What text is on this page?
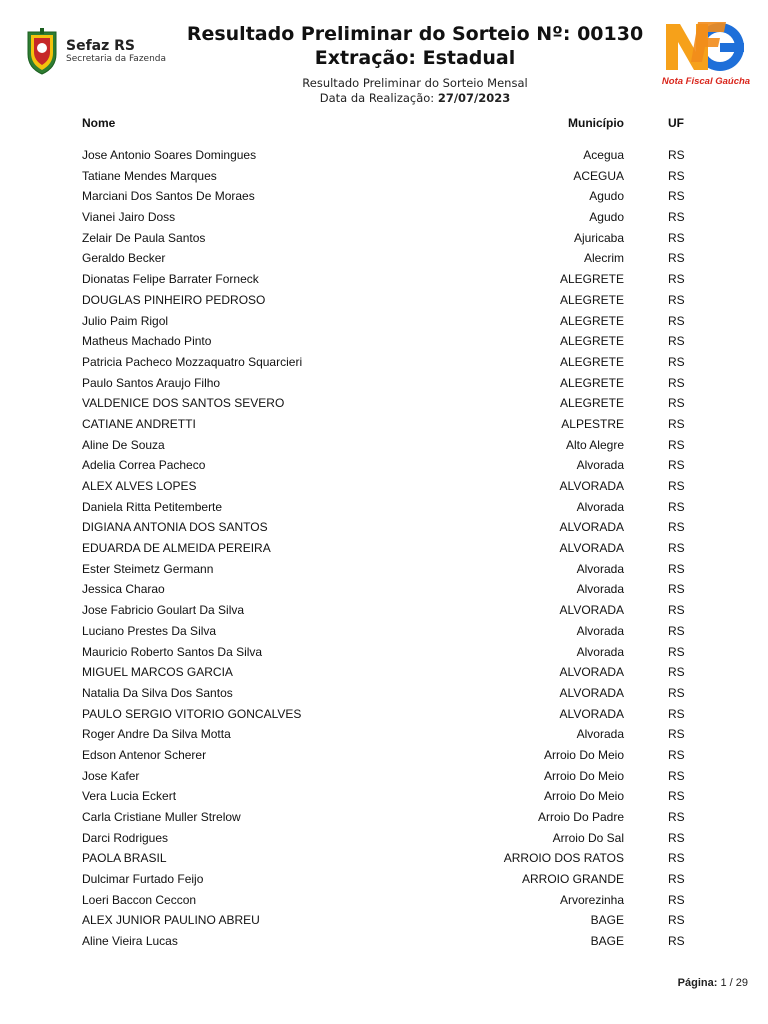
Sefaz RS
Secretaria da Fazenda
Resultado Preliminar do Sorteio Nº: 00130
Extração: Estadual
Resultado Preliminar do Sorteio Mensal
Data da Realização: 27/07/2023
Nota Fiscal Gaúcha
Nome	Município	UF
Jose Antonio Soares Domingues	Acegua	RS
Tatiane Mendes Marques	ACEGUA	RS
Marciani Dos Santos De Moraes	Agudo	RS
Vianei Jairo Doss	Agudo	RS
Zelair De Paula Santos	Ajuricaba	RS
Geraldo Becker	Alecrim	RS
Dionatas Felipe Barrater Forneck	ALEGRETE	RS
DOUGLAS PINHEIRO PEDROSO	ALEGRETE	RS
Julio Paim Rigol	ALEGRETE	RS
Matheus Machado Pinto	ALEGRETE	RS
Patricia Pacheco Mozzaquatro Squarcieri	ALEGRETE	RS
Paulo Santos Araujo Filho	ALEGRETE	RS
VALDENICE DOS SANTOS SEVERO	ALEGRETE	RS
CATIANE ANDRETTI	ALPESTRE	RS
Aline De Souza	Alto Alegre	RS
Adelia Correa Pacheco	Alvorada	RS
ALEX ALVES LOPES	ALVORADA	RS
Daniela Ritta Petitemberte	Alvorada	RS
DIGIANA ANTONIA DOS SANTOS	ALVORADA	RS
EDUARDA DE ALMEIDA PEREIRA	ALVORADA	RS
Ester Steimetz Germann	Alvorada	RS
Jessica Charao	Alvorada	RS
Jose Fabricio Goulart Da Silva	ALVORADA	RS
Luciano Prestes Da Silva	Alvorada	RS
Mauricio Roberto Santos Da Silva	Alvorada	RS
MIGUEL MARCOS GARCIA	ALVORADA	RS
Natalia Da Silva Dos Santos	ALVORADA	RS
PAULO SERGIO VITORIO GONCALVES	ALVORADA	RS
Roger Andre Da Silva Motta	Alvorada	RS
Edson Antenor Scherer	Arroio Do Meio	RS
Jose Kafer	Arroio Do Meio	RS
Vera Lucia Eckert	Arroio Do Meio	RS
Carla Cristiane Muller Strelow	Arroio Do Padre	RS
Darci Rodrigues	Arroio Do Sal	RS
PAOLA BRASIL	ARROIO DOS RATOS	RS
Dulcimar Furtado Feijo	ARROIO GRANDE	RS
Loeri Baccon Ceccon	Arvorezinha	RS
ALEX JUNIOR PAULINO ABREU	BAGE	RS
Aline Vieira Lucas	BAGE	RS
Página: 1 / 29
